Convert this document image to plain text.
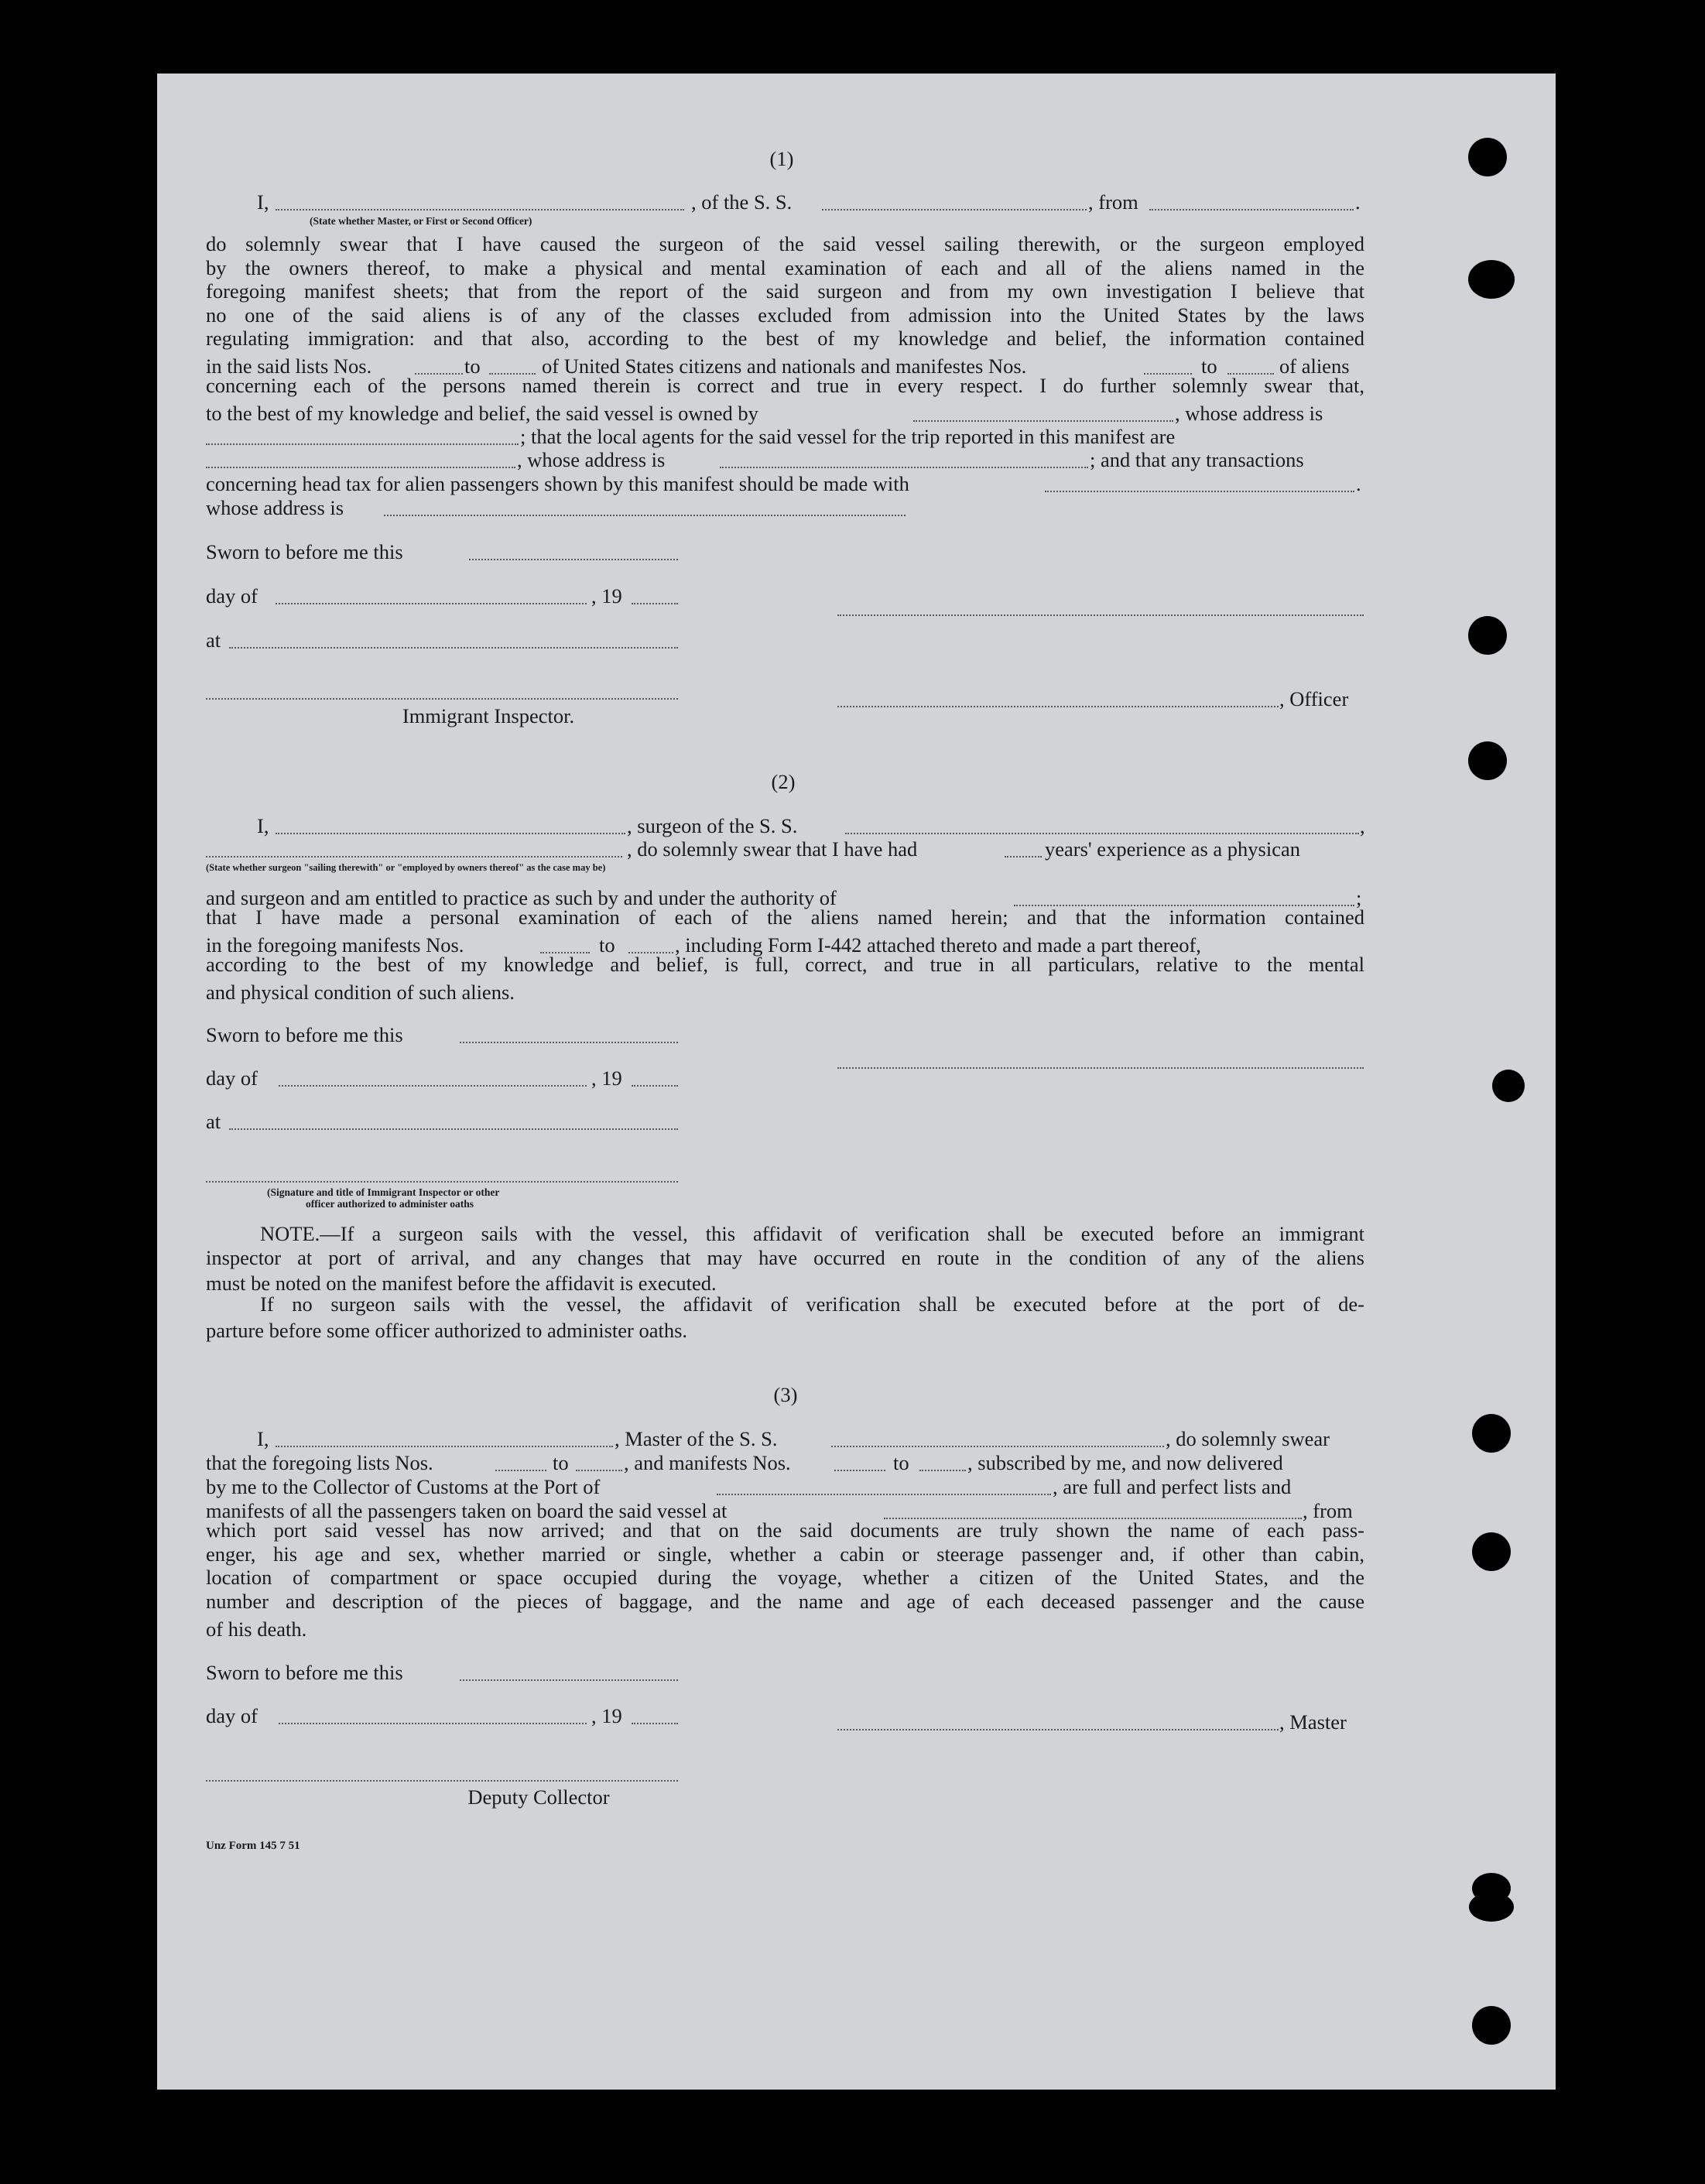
(1)
I,	, of the S. S.	, from	.
(State whether Master, or First or Second Officer)
do solemnly swear that I have caused the surgeon of the said vessel sailing therewith, or the surgeon employed
by the owners thereof, to make a physical and mental examination of each and all of the aliens named in the
foregoing manifest sheets; that from the report of the said surgeon and from my own investigation I believe that
no one of the said aliens is of any of the classes excluded from admission into the United States by the laws
regulating immigration: and that also, according to the best of my knowledge and belief, the information contained
in the said lists Nos.	to	of United States citizens and nationals and manifestes Nos.	to	of aliens
concerning each of the persons named therein is correct and true in every respect. I do further solemnly swear that,
to the best of my knowledge and belief, the said vessel is owned by	, whose address is
; that the local agents for the said vessel for the trip reported in this manifest are
, whose address is	; and that any transactions
concerning head tax for alien passengers shown by this manifest should be made with	.
whose address is
Sworn to before me this
day of	, 19
at
, Officer
Immigrant Inspector.
(2)
I,	, surgeon of the S. S.	,
, do solemnly swear that I have had	years' experience as a physican
(State whether surgeon "sailing therewith" or "employed by owners thereof" as the case may be)
and surgeon and am entitled to practice as such by and under the authority of	;
that I have made a personal examination of each of the aliens named herein; and that the information contained
in the foregoing manifests Nos.	to	, including Form I-442 attached thereto and made a part thereof,
according to the best of my knowledge and belief, is full, correct, and true in all particulars, relative to the mental
and physical condition of such aliens.
Sworn to before me this
day of	, 19
at
(Signature and title of Immigrant Inspector or other
officer authorized to administer oaths
NOTE.—If a surgeon sails with the vessel, this affidavit of verification shall be executed before an immigrant
inspector at port of arrival, and any changes that may have occurred en route in the condition of any of the aliens
must be noted on the manifest before the affidavit is executed.
If no surgeon sails with the vessel, the affidavit of verification shall be executed before at the port of de-
parture before some officer authorized to administer oaths.
(3)
I,	, Master of the S. S.	, do solemnly swear
that the foregoing lists Nos.	to	, and manifests Nos.	to	, subscribed by me, and now delivered
by me to the Collector of Customs at the Port of	, are full and perfect lists and
manifests of all the passengers taken on board the said vessel at	, from
which port said vessel has now arrived; and that on the said documents are truly shown the name of each pass-
enger, his age and sex, whether married or single, whether a cabin or steerage passenger and, if other than cabin,
location of compartment or space occupied during the voyage, whether a citizen of the United States, and the
number and description of the pieces of baggage, and the name and age of each deceased passenger and the cause
of his death.
Sworn to before me this
day of	, 19	, Master
Deputy Collector
Unz Form 145 7 51
